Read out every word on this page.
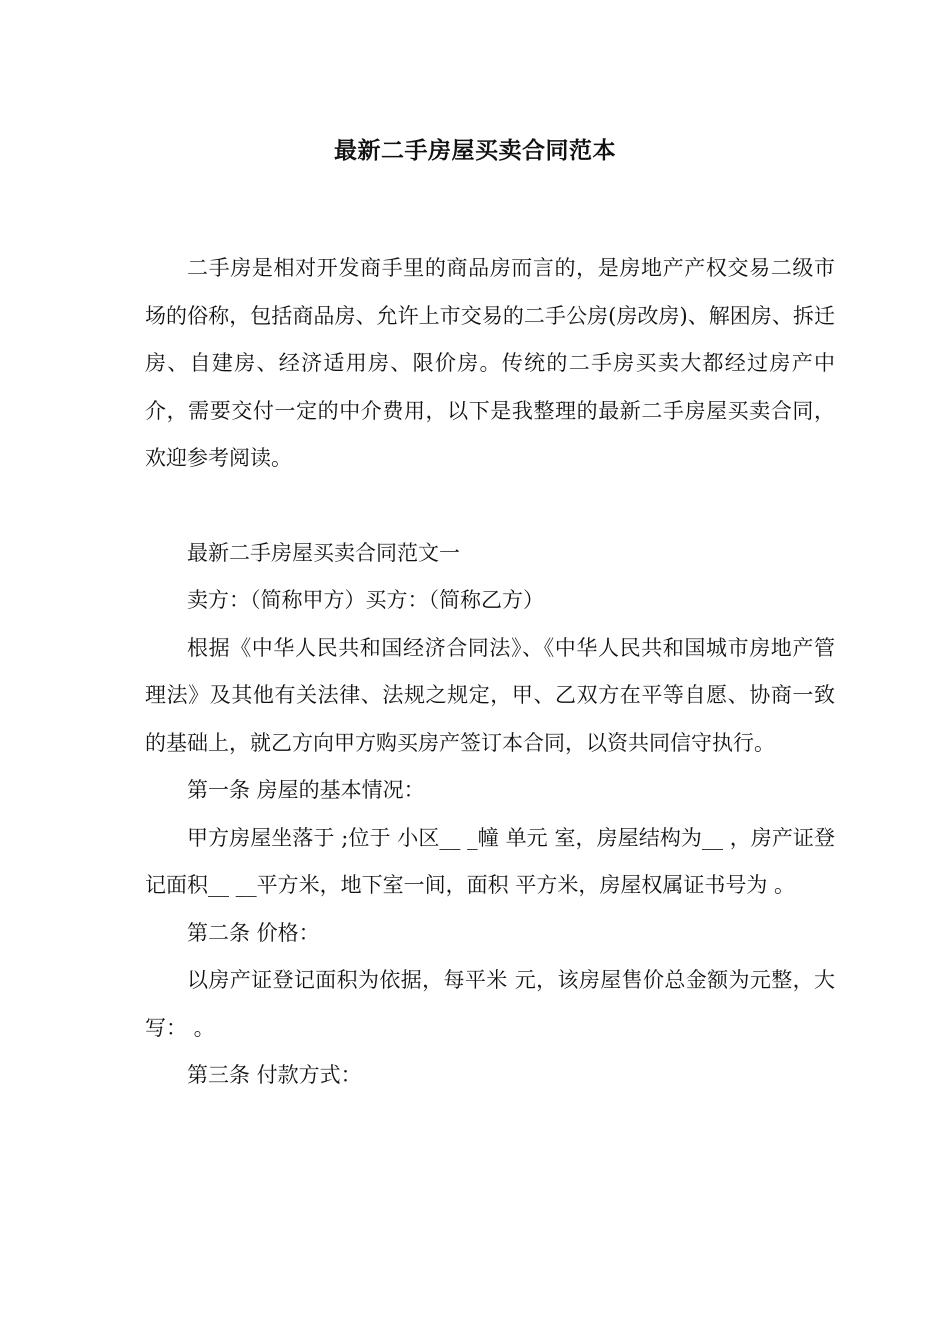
最新二手房屋买卖合同范本

二手房是相对开发商手里的商品房而言的，是房地产产权交易二级市场的俗称，包括商品房、允许上市交易的二手公房(房改房)、解困房、拆迁房、自建房、经济适用房、限价房。传统的二手房买卖大都经过房产中介，需要交付一定的中介费用，以下是我整理的最新二手房屋买卖合同，欢迎参考阅读。

最新二手房屋买卖合同范文一

卖方：（简称甲方）买方：（简称乙方）

根据《中华人民共和国经济合同法》、《中华人民共和国城市房地产管理法》及其他有关法律、法规之规定，甲、乙双方在平等自愿、协商一致的基础上，就乙方向甲方购买房产签订本合同，以资共同信守执行。

第一条 房屋的基本情况：

甲方房屋坐落于 ;位于 小区__ _幢 单元 室，房屋结构为__ ，房产证登记面积__ __平方米，地下室一间，面积 平方米，房屋权属证书号为 。

第二条 价格：

以房产证登记面积为依据，每平米 元，该房屋售价总金额为元整，大写： 。

第三条 付款方式：
